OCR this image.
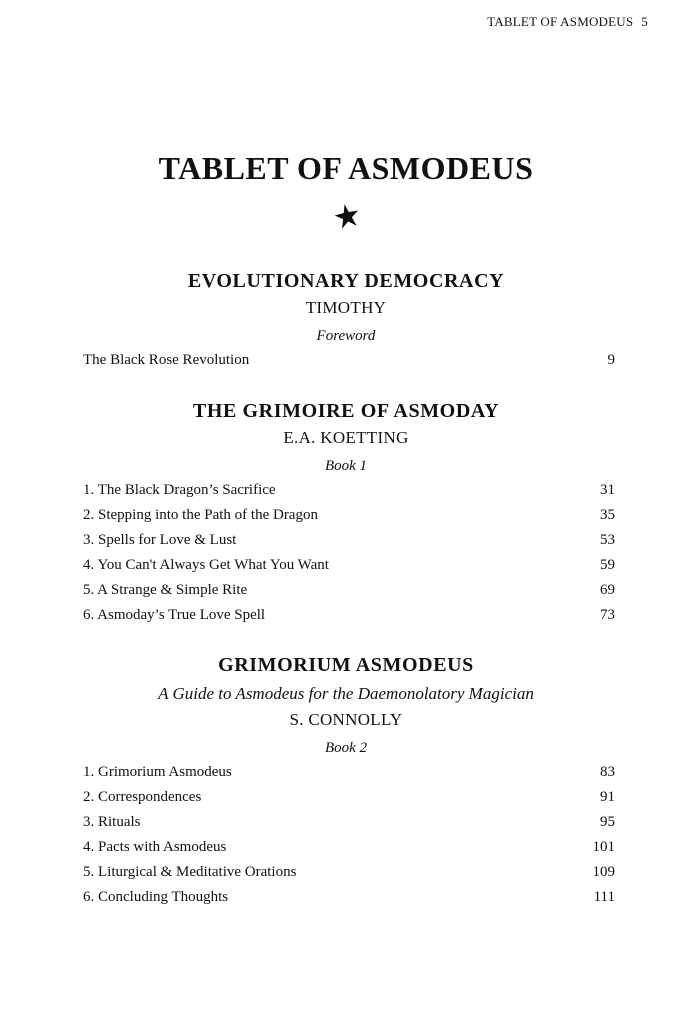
TABLET OF ASMODEUS 5
TABLET OF ASMODEUS
EVOLUTIONARY DEMOCRACY
TIMOTHY
Foreword
The Black Rose Revolution	9
THE GRIMOIRE OF ASMODAY
E.A. KOETTING
Book 1
1. The Black Dragon’s Sacrifice	31
2. Stepping into the Path of the Dragon	35
3. Spells for Love & Lust	53
4. You Can't Always Get What You Want	59
5. A Strange & Simple Rite	69
6. Asmoday’s True Love Spell	73
GRIMORIUM ASMODEUS
A Guide to Asmodeus for the Daemonolatory Magician
S. CONNOLLY
Book 2
1. Grimorium Asmodeus	83
2. Correspondences	91
3. Rituals	95
4. Pacts with Asmodeus	101
5. Liturgical & Meditative Orations	109
6. Concluding Thoughts	111
